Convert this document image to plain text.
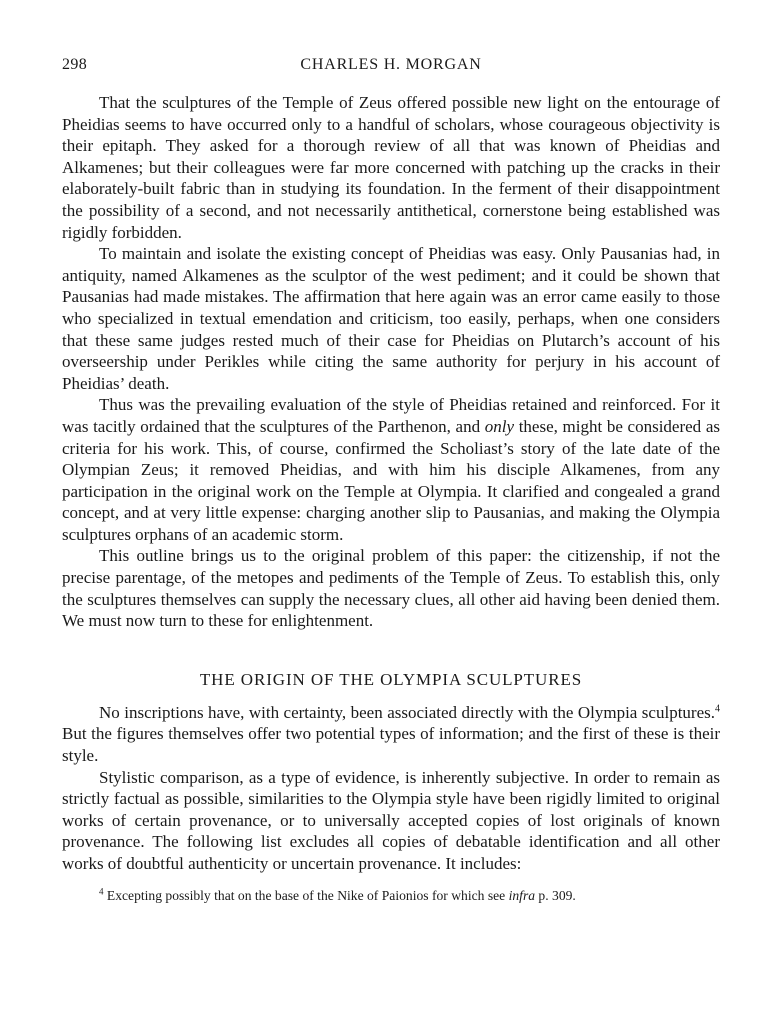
298	CHARLES H. MORGAN

That the sculptures of the Temple of Zeus offered possible new light on the entourage of Pheidias seems to have occurred only to a handful of scholars, whose courageous objectivity is their epitaph. They asked for a thorough review of all that was known of Pheidias and Alkamenes; but their colleagues were far more concerned with patching up the cracks in their elaborately-built fabric than in studying its foundation. In the ferment of their disappointment the possibility of a second, and not necessarily antithetical, cornerstone being established was rigidly forbidden.

To maintain and isolate the existing concept of Pheidias was easy. Only Pausanias had, in antiquity, named Alkamenes as the sculptor of the west pediment; and it could be shown that Pausanias had made mistakes. The affirmation that here again was an error came easily to those who specialized in textual emendation and criticism, too easily, perhaps, when one considers that these same judges rested much of their case for Pheidias on Plutarch’s account of his overseership under Perikles while citing the same authority for perjury in his account of Pheidias’ death.

Thus was the prevailing evaluation of the style of Pheidias retained and reinforced. For it was tacitly ordained that the sculptures of the Parthenon, and only these, might be considered as criteria for his work. This, of course, confirmed the Scholiast’s story of the late date of the Olympian Zeus; it removed Pheidias, and with him his disciple Alkamenes, from any participation in the original work on the Temple at Olympia. It clarified and congealed a grand concept, and at very little expense: charging another slip to Pausanias, and making the Olympia sculptures orphans of an academic storm.

This outline brings us to the original problem of this paper: the citizenship, if not the precise parentage, of the metopes and pediments of the Temple of Zeus. To establish this, only the sculptures themselves can supply the necessary clues, all other aid having been denied them. We must now turn to these for enlightenment.

THE ORIGIN OF THE OLYMPIA SCULPTURES

No inscriptions have, with certainty, been associated directly with the Olympia sculptures.$^4$ But the figures themselves offer two potential types of information; and the first of these is their style.

Stylistic comparison, as a type of evidence, is inherently subjective. In order to remain as strictly factual as possible, similarities to the Olympia style have been rigidly limited to original works of certain provenance, or to universally accepted copies of lost originals of known provenance. The following list excludes all copies of debatable identification and all other works of doubtful authenticity or uncertain provenance. It includes:

$^4$ Excepting possibly that on the base of the Nike of Paionios for which see infra p. 309.
